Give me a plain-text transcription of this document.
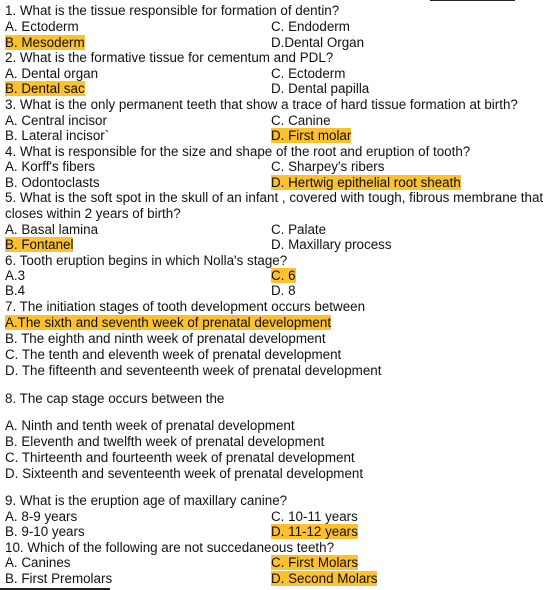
1. What is the tissue responsible for formation of dentin?
A. Ectoderm	C. Endoderm
B. Mesoderm	D.Dental Organ
2. What is the formative tissue for cementum and PDL?
A. Dental organ	C. Ectoderm
B. Dental sac	D. Dental papilla
3. What is the only permanent teeth that show a trace of hard tissue formation at birth?
A. Central incisor	C. Canine
B. Lateral incisor`	D. First molar
4. What is responsible for the size and shape of the root and eruption of tooth?
A. Korff's fibers	C. Sharpey's ribers
B. Odontoclasts	D. Hertwig epithelial root sheath
5. What is the soft spot in the skull of an infant , covered with tough, fibrous membrane that
closes within 2 years of birth?
A. Basal lamina	C. Palate
B. Fontanel	D. Maxillary process
6. Tooth eruption begins in which Nolla's stage?
A.3	C. 6
B.4	D. 8
7. The initiation stages of tooth development occurs between
A.The sixth and seventh week of prenatal development
B. The eighth and ninth week of prenatal development
C. The tenth and eleventh week of prenatal development
D. The fifteenth and seventeenth week of prenatal development
8. The cap stage occurs between the
A. Ninth and tenth week of prenatal development
B. Eleventh and twelfth week of prenatal development
C. Thirteenth and fourteenth week of prenatal development
D. Sixteenth and seventeenth week of prenatal development
9. What is the eruption age of maxillary canine?
A. 8-9 years	C. 10-11 years
B. 9-10 years	D. 11-12 years
10. Which of the following are not succedaneous teeth?
A. Canines	C. First Molars
B. First Premolars	D. Second Molars
